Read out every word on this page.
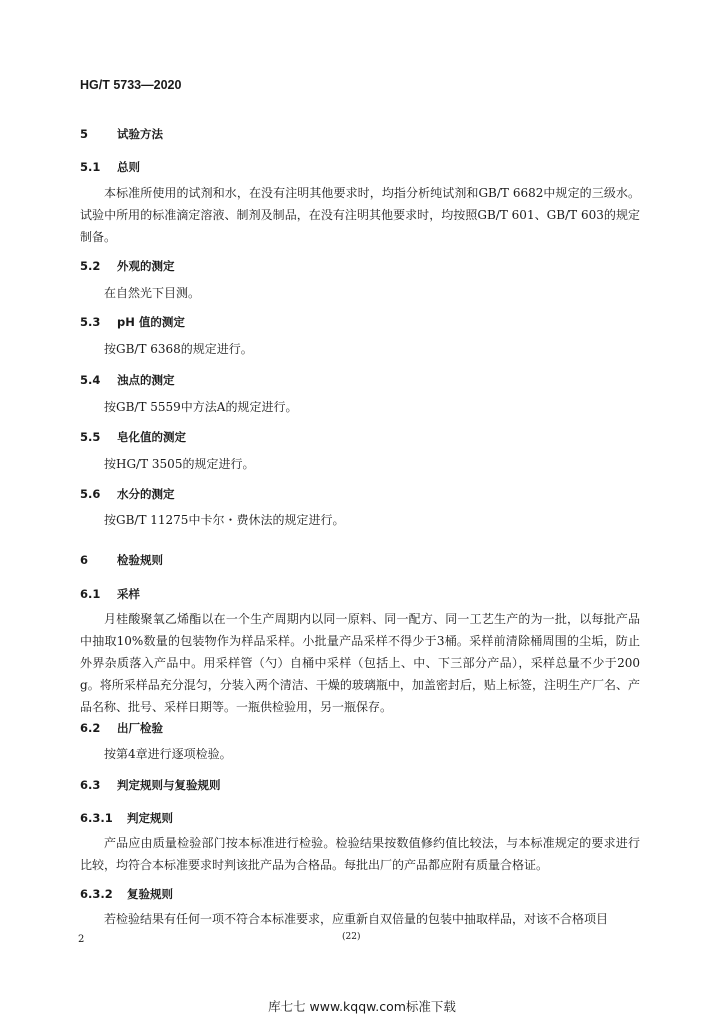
HG/T 5733—2020
5	试验方法
5.1 总则

本标准所使用的试剂和水，在没有注明其他要求时，均指分析纯试剂和GB/T 6682中规定的三级水。试验中所用的标准滴定溶液、制剂及制品，在没有注明其他要求时，均按照GB/T 601、GB/T 603的规定制备。

5.2 外观的测定

在自然光下目测。

5.3 pH 值的测定

按GB/T 6368的规定进行。

5.4 浊点的测定

按GB/T 5559中方法A的规定进行。

5.5 皂化值的测定

按HG/T 3505的规定进行。

5.6 水分的测定

按GB/T 11275中卡尔・费休法的规定进行。

6	检验规则
6.1 采样

月桂酸聚氧乙烯酯以在一个生产周期内以同一原料、同一配方、同一工艺生产的为一批，以每批产品中抽取10%数量的包装物作为样品采样。小批量产品采样不得少于3桶。采样前清除桶周围的尘垢，防止外界杂质落入产品中。用采样管（勺）自桶中采样（包括上、中、下三部分产品），采样总量不少于200 g。将所采样品充分混匀，分装入两个清洁、干燥的玻璃瓶中，加盖密封后，贴上标签，注明生产厂名、产品名称、批号、采样日期等。一瓶供检验用，另一瓶保存。

6.2 出厂检验

按第4章进行逐项检验。

6.3 判定规则与复验规则
6.3.1 判定规则

产品应由质量检验部门按本标准进行检验。检验结果按数值修约值比较法，与本标准规定的要求进行比较，均符合本标准要求时判该批产品为合格品。每批出厂的产品都应附有质量合格证。

6.3.2 复验规则

若检验结果有任何一项不符合本标准要求，应重新自双倍量的包装中抽取样品，对该不合格项目

2	(22)
库七七 www.kqqw.com标准下载
